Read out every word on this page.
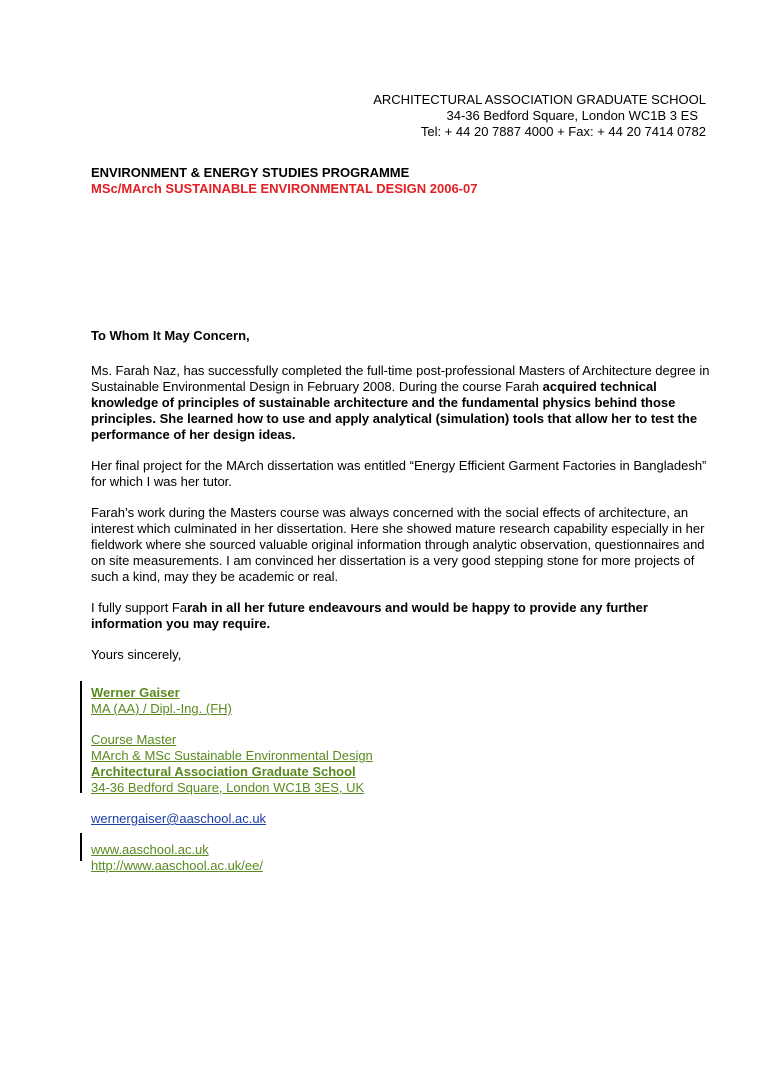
ARCHITECTURAL ASSOCIATION GRADUATE SCHOOL
34-36 Bedford Square, London WC1B 3 ES
Tel: + 44 20 7887 4000 + Fax: + 44 20 7414 0782
ENVIRONMENT & ENERGY STUDIES PROGRAMME
MSc/MArch SUSTAINABLE ENVIRONMENTAL DESIGN 2006-07

To Whom It May Concern,

Ms. Farah Naz, has successfully completed the full-time post-professional Masters of Architecture degree in Sustainable Environmental Design in February 2008. During the course Farah acquired technical knowledge of principles of sustainable architecture and the fundamental physics behind those principles. She learned how to use and apply analytical (simulation) tools that allow her to test the performance of her design ideas.

Her final project for the MArch dissertation was entitled “Energy Efficient Garment Factories in Bangladesh” for which I was her tutor.

Farah’s work during the Masters course was always concerned with the social effects of architecture, an interest which culminated in her dissertation. Here she showed mature research capability especially in her fieldwork where she sourced valuable original information through analytic observation, questionnaires and on site measurements. I am convinced her dissertation is a very good stepping stone for more projects of such a kind, may they be academic or real.

I fully support Farah in all her future endeavours and would be happy to provide any further information you may require.

Yours sincerely,

Werner Gaiser
MA (AA) / Dipl.-Ing. (FH)
Course Master
MArch & MSc Sustainable Environmental Design
Architectural Association Graduate School
34-36 Bedford Square, London WC1B 3ES, UK
wernergaiser@aaschool.ac.uk
www.aaschool.ac.uk
http://www.aaschool.ac.uk/ee/
